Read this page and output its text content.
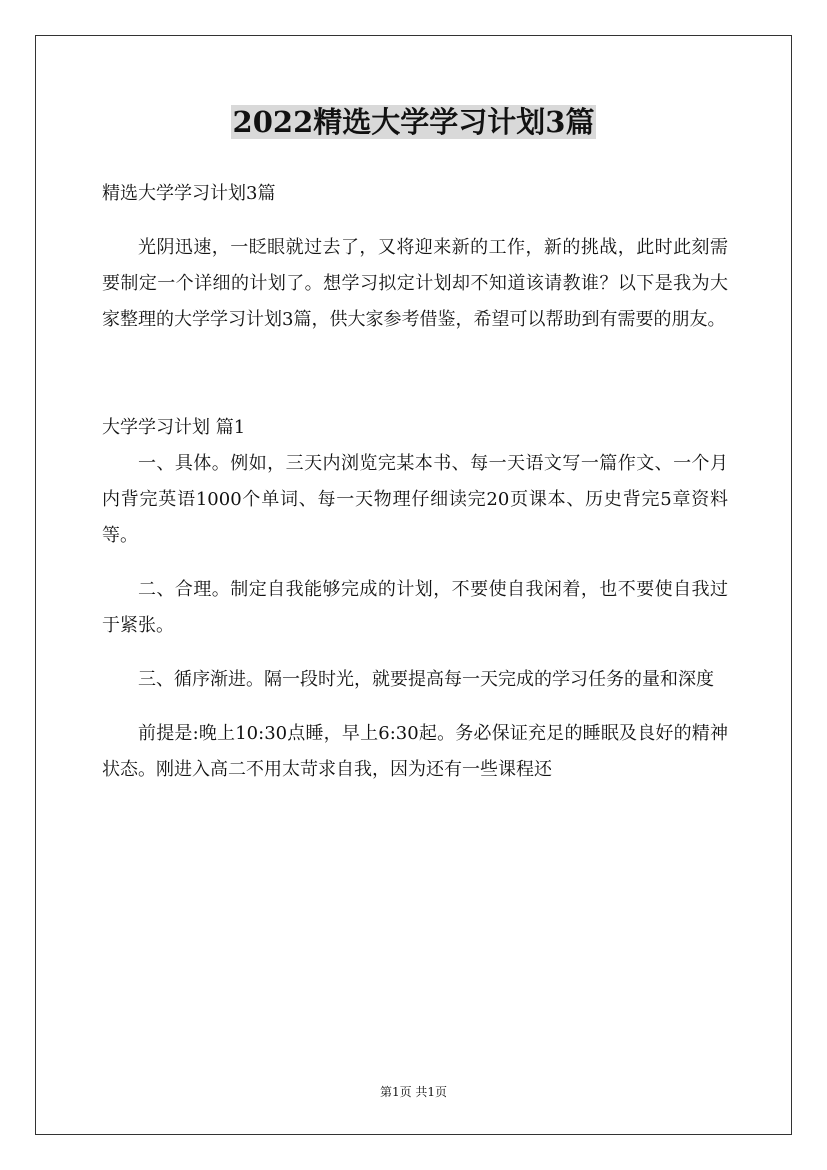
2022精选大学学习计划3篇

精选大学学习计划3篇

光阴迅速，一眨眼就过去了，又将迎来新的工作，新的挑战，此时此刻需要制定一个详细的计划了。想学习拟定计划却不知道该请教谁？以下是我为大家整理的大学学习计划3篇，供大家参考借鉴，希望可以帮助到有需要的朋友。

大学学习计划 篇1

一、具体。例如，三天内浏览完某本书、每一天语文写一篇作文、一个月内背完英语1000个单词、每一天物理仔细读完20页课本、历史背完5章资料等。

二、合理。制定自我能够完成的计划，不要使自我闲着，也不要使自我过于紧张。

三、循序渐进。隔一段时光，就要提高每一天完成的学习任务的量和深度

前提是:晚上10:30点睡，早上6:30起。务必保证充足的睡眠及良好的精神状态。刚进入高二不用太苛求自我，因为还有一些课程还

第1页 共1页
